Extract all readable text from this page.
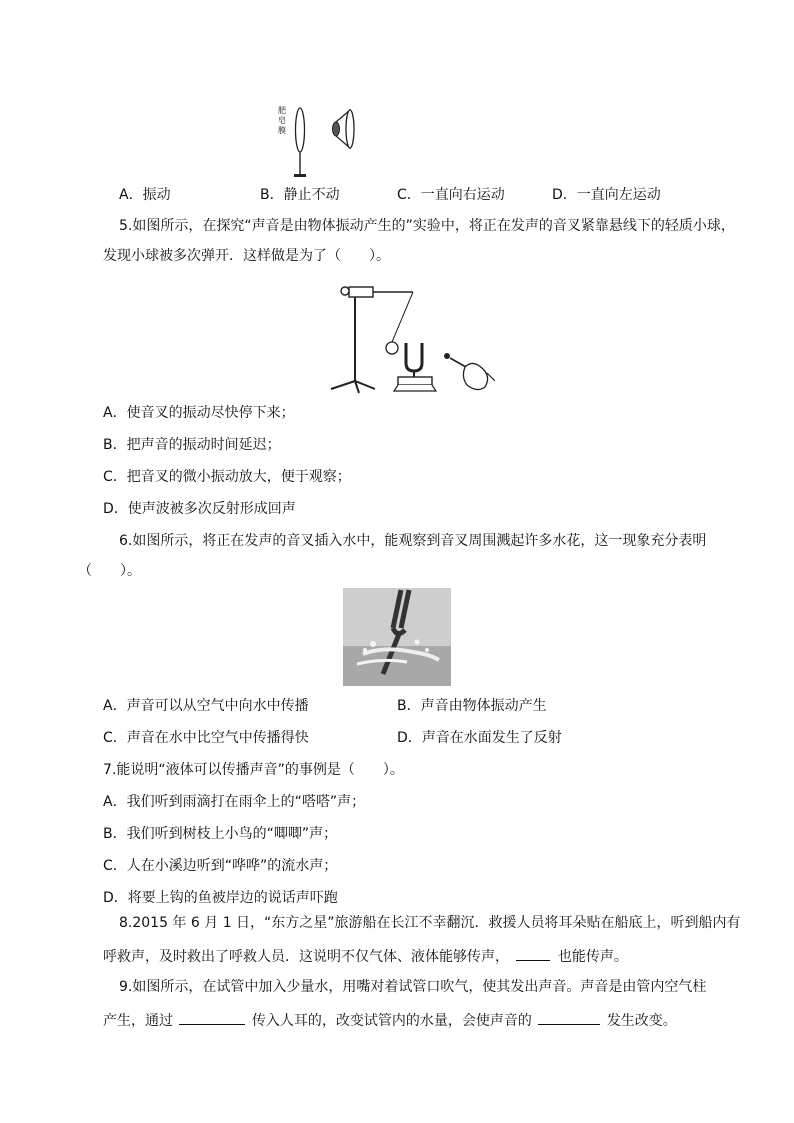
肥皂膜
A．振动	B．静止不动	C．一直向右运动	D．一直向左运动
5.如图所示，在探究“声音是由物体振动产生的”实验中，将正在发声的音叉紧靠悬线下的轻质小球，
发现小球被多次弹开．这样做是为了（　　）。
A．使音叉的振动尽快停下来；
B．把声音的振动时间延迟；
C．把音叉的微小振动放大，便于观察；
D．使声波被多次反射形成回声
6.如图所示，将正在发声的音叉插入水中，能观察到音叉周围溅起许多水花，这一现象充分表明
（　　）。
A．声音可以从空气中向水中传播	B．声音由物体振动产生
C．声音在水中比空气中传播得快	D．声音在水面发生了反射
7.能说明“液体可以传播声音”的事例是（　　）。
A．我们听到雨滴打在雨伞上的“嗒嗒”声；
B．我们听到树枝上小鸟的“唧唧”声；
C．人在小溪边听到“哗哗”的流水声；
D．将要上钩的鱼被岸边的说话声吓跑
8.2015 年 6 月 1 日，“东方之星”旅游船在长江不幸翻沉．救援人员将耳朵贴在船底上，听到船内有
呼救声，及时救出了呼救人员．这说明不仅气体、液体能够传声，	也能传声。
9.如图所示，在试管中加入少量水，用嘴对着试管口吹气，使其发出声音。声音是由管内空气柱
产生，通过	传入人耳的，改变试管内的水量，会使声音的	发生改变。
